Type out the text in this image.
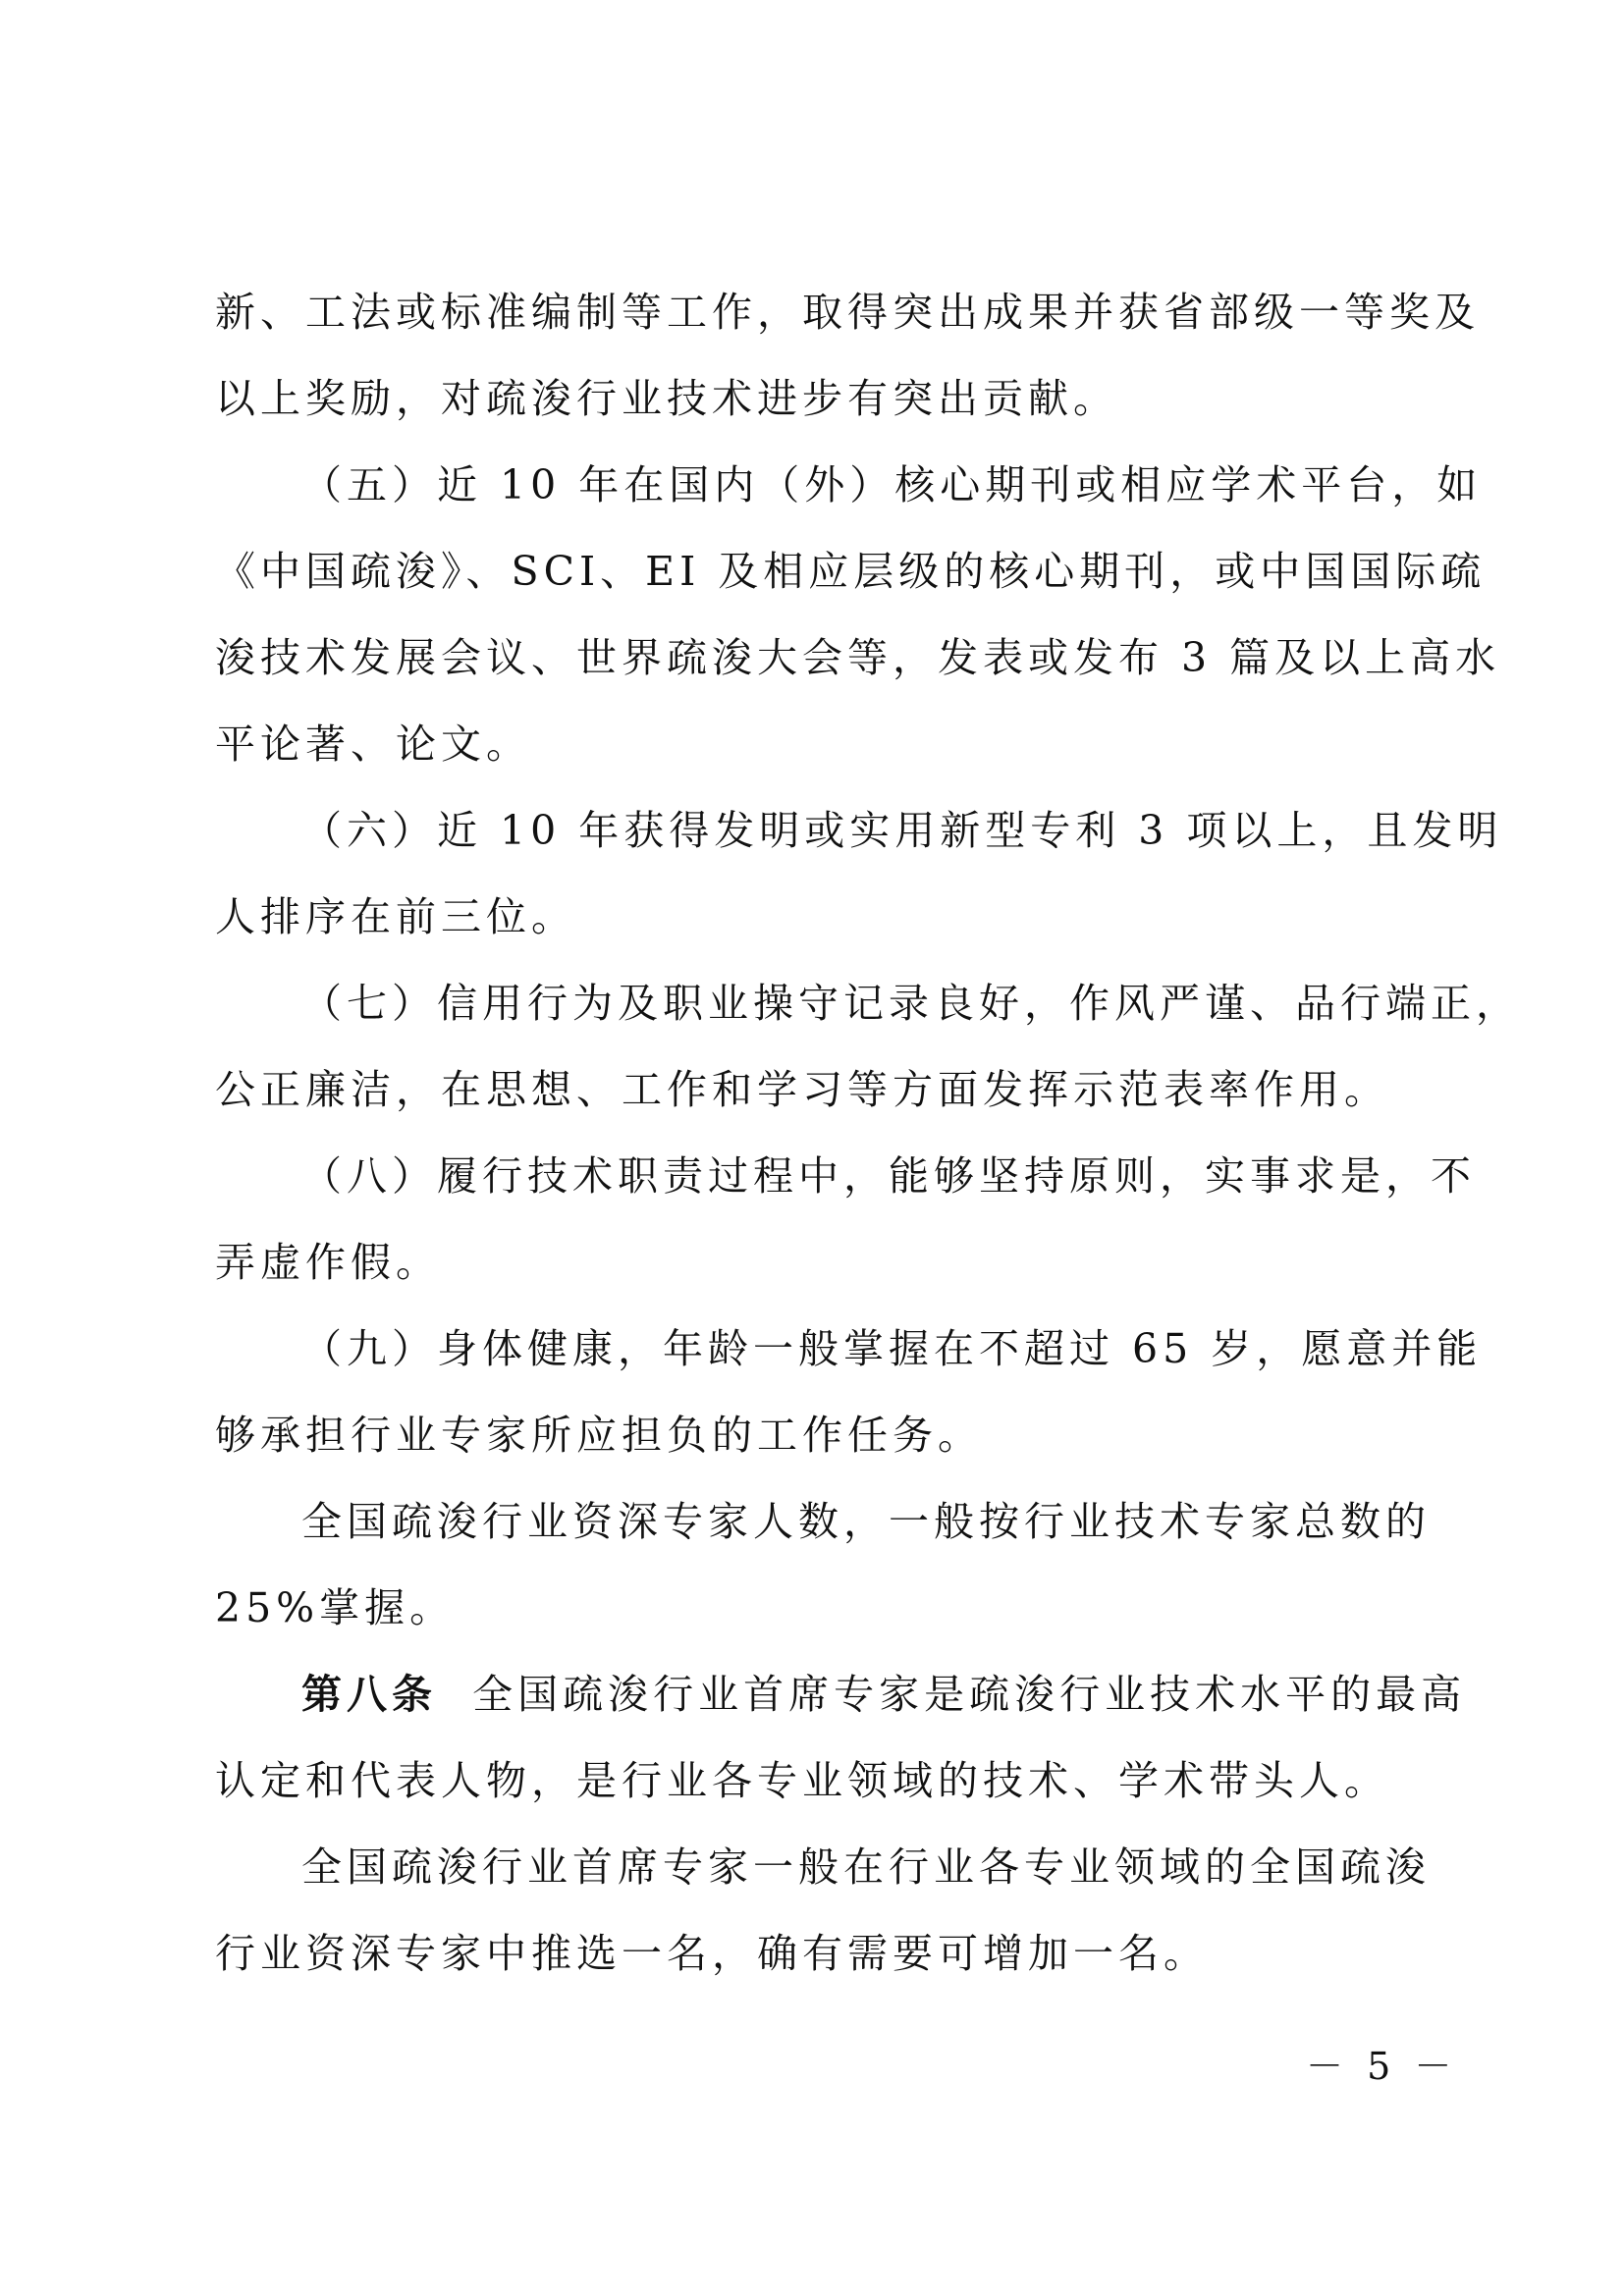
新、工法或标准编制等工作，取得突出成果并获省部级一等奖及
以上奖励，对疏浚行业技术进步有突出贡献。
（五）近 10 年在国内（外）核心期刊或相应学术平台，如
《中国疏浚》、SCI、EI 及相应层级的核心期刊，或中国国际疏
浚技术发展会议、世界疏浚大会等，发表或发布 3 篇及以上高水
平论著、论文。
（六）近 10 年获得发明或实用新型专利 3 项以上，且发明
人排序在前三位。
（七）信用行为及职业操守记录良好，作风严谨、品行端正，
公正廉洁，在思想、工作和学习等方面发挥示范表率作用。
（八）履行技术职责过程中，能够坚持原则，实事求是，不
弄虚作假。
（九）身体健康，年龄一般掌握在不超过 65 岁，愿意并能
够承担行业专家所应担负的工作任务。
全国疏浚行业资深专家人数，一般按行业技术专家总数的
25%掌握。
第八条 全国疏浚行业首席专家是疏浚行业技术水平的最高
认定和代表人物，是行业各专业领域的技术、学术带头人。
全国疏浚行业首席专家一般在行业各专业领域的全国疏浚
行业资深专家中推选一名，确有需要可增加一名。
－ 5 －
